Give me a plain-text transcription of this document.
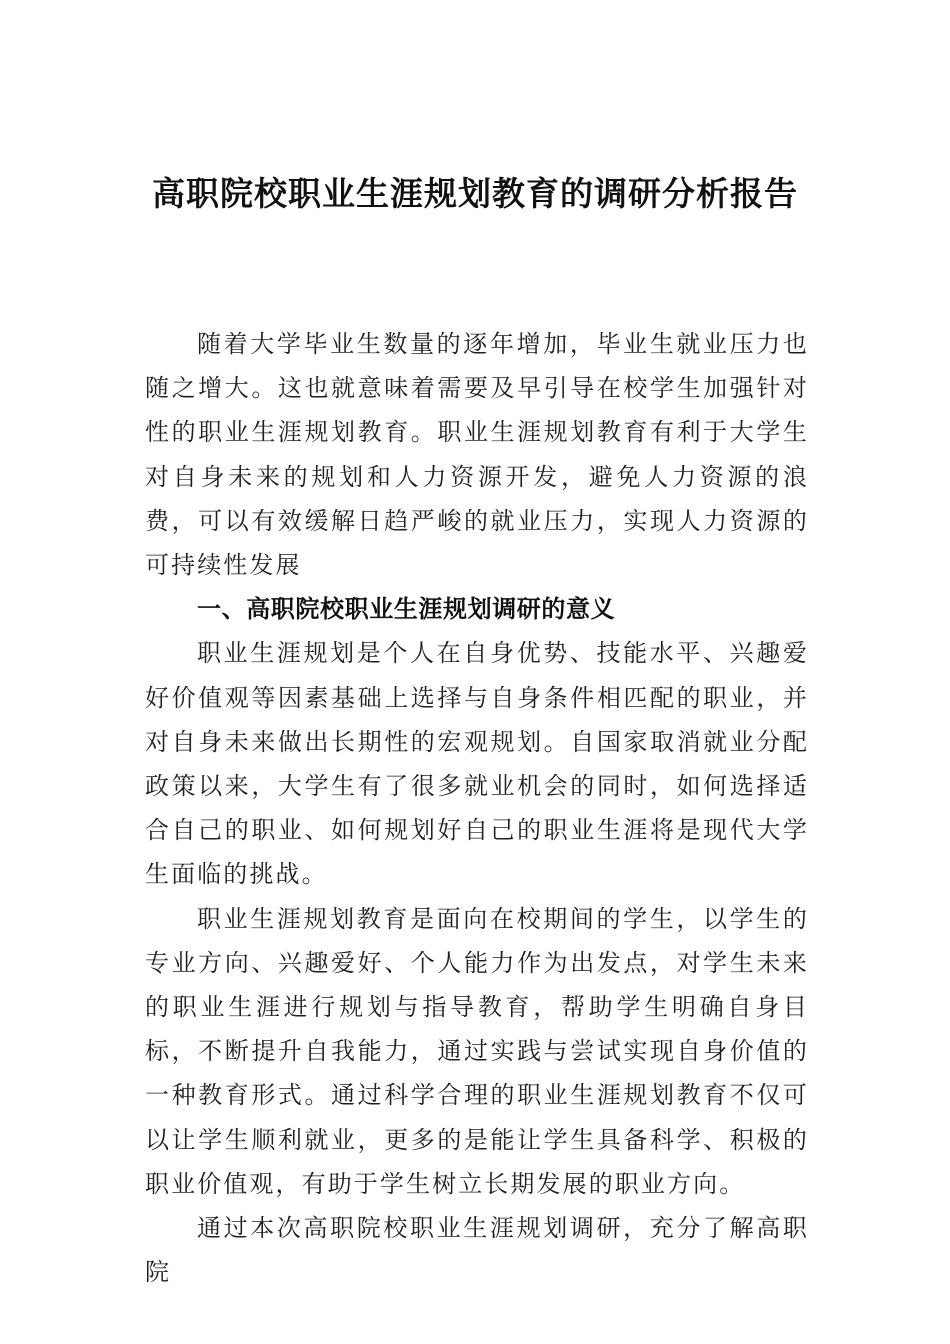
高职院校职业生涯规划教育的调研分析报告

随着大学毕业生数量的逐年增加，毕业生就业压力也随之增大。这也就意味着需要及早引导在校学生加强针对性的职业生涯规划教育。职业生涯规划教育有利于大学生对自身未来的规划和人力资源开发，避免人力资源的浪费，可以有效缓解日趋严峻的就业压力，实现人力资源的可持续性发展

一、高职院校职业生涯规划调研的意义

职业生涯规划是个人在自身优势、技能水平、兴趣爱好价值观等因素基础上选择与自身条件相匹配的职业，并对自身未来做出长期性的宏观规划。自国家取消就业分配政策以来，大学生有了很多就业机会的同时，如何选择适合自己的职业、如何规划好自己的职业生涯将是现代大学生面临的挑战。

职业生涯规划教育是面向在校期间的学生，以学生的专业方向、兴趣爱好、个人能力作为出发点，对学生未来的职业生涯进行规划与指导教育，帮助学生明确自身目标，不断提升自我能力，通过实践与尝试实现自身价值的一种教育形式。通过科学合理的职业生涯规划教育不仅可以让学生顺利就业，更多的是能让学生具备科学、积极的职业价值观，有助于学生树立长期发展的职业方向。

通过本次高职院校职业生涯规划调研，充分了解高职院
